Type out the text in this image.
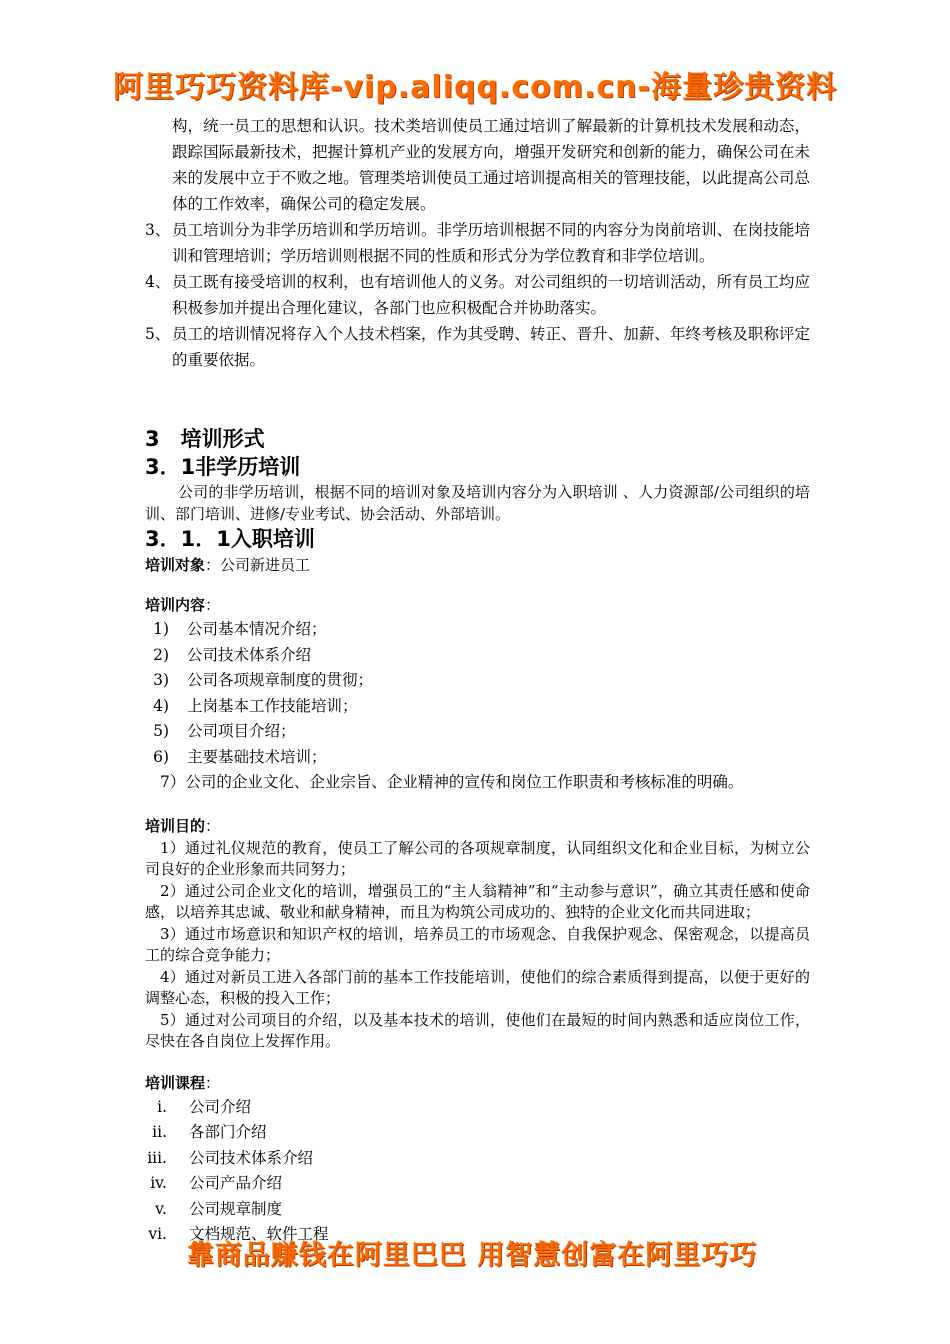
阿里巧巧资料库-vip.aliqq.com.cn-海量珍贵资料

构，统一员工的思想和认识。技术类培训使员工通过培训了解最新的计算机技术发展和动态，跟踪国际最新技术，把握计算机产业的发展方向，增强开发研究和创新的能力，确保公司在未来的发展中立于不败之地。管理类培训使员工通过培训提高相关的管理技能，以此提高公司总体的工作效率，确保公司的稳定发展。

3、 员工培训分为非学历培训和学历培训。非学历培训根据不同的内容分为岗前培训、在岗技能培训和管理培训；学历培训则根据不同的性质和形式分为学位教育和非学位培训。
4、 员工既有接受培训的权利，也有培训他人的义务。对公司组织的一切培训活动，所有员工均应积极参加并提出合理化建议，各部门也应积极配合并协助落实。
5、 员工的培训情况将存入个人技术档案，作为其受聘、转正、晋升、加薪、年终考核及职称评定的重要依据。
3　培训形式
3．1非学历培训

公司的非学历培训，根据不同的培训对象及培训内容分为入职培训 、人力资源部/公司组织的培训、部门培训、进修/专业考试、协会活动、外部培训。

3．1．1入职培训
培训对象：公司新进员工
培训内容：
1)	公司基本情况介绍；
2)	公司技术体系介绍
3)	公司各项规章制度的贯彻；
4)	上岗基本工作技能培训；
5)	公司项目介绍；
6)	主要基础技术培训；
7）公司的企业文化、企业宗旨、企业精神的宣传和岗位工作职责和考核标准的明确。
培训目的：

1）通过礼仪规范的教育，使员工了解公司的各项规章制度，认同组织文化和企业目标，为树立公司良好的企业形象而共同努力；

2）通过公司企业文化的培训，增强员工的“主人翁精神”和“主动参与意识”，确立其责任感和使命感，以培养其忠诚、敬业和献身精神，而且为构筑公司成功的、独特的企业文化而共同进取；

3）通过市场意识和知识产权的培训，培养员工的市场观念、自我保护观念、保密观念，以提高员工的综合竞争能力；

4）通过对新员工进入各部门前的基本工作技能培训，使他们的综合素质得到提高，以便于更好的调整心态，积极的投入工作；

5）通过对公司项目的介绍，以及基本技术的培训，使他们在最短的时间内熟悉和适应岗位工作，尽快在各自岗位上发挥作用。

培训课程：
i.	公司介绍
ii.	各部门介绍
iii.	公司技术体系介绍
iv.	公司产品介绍
v.	公司规章制度
vi.	文档规范、软件工程
靠商品赚钱在阿里巴巴 用智慧创富在阿里巧巧
